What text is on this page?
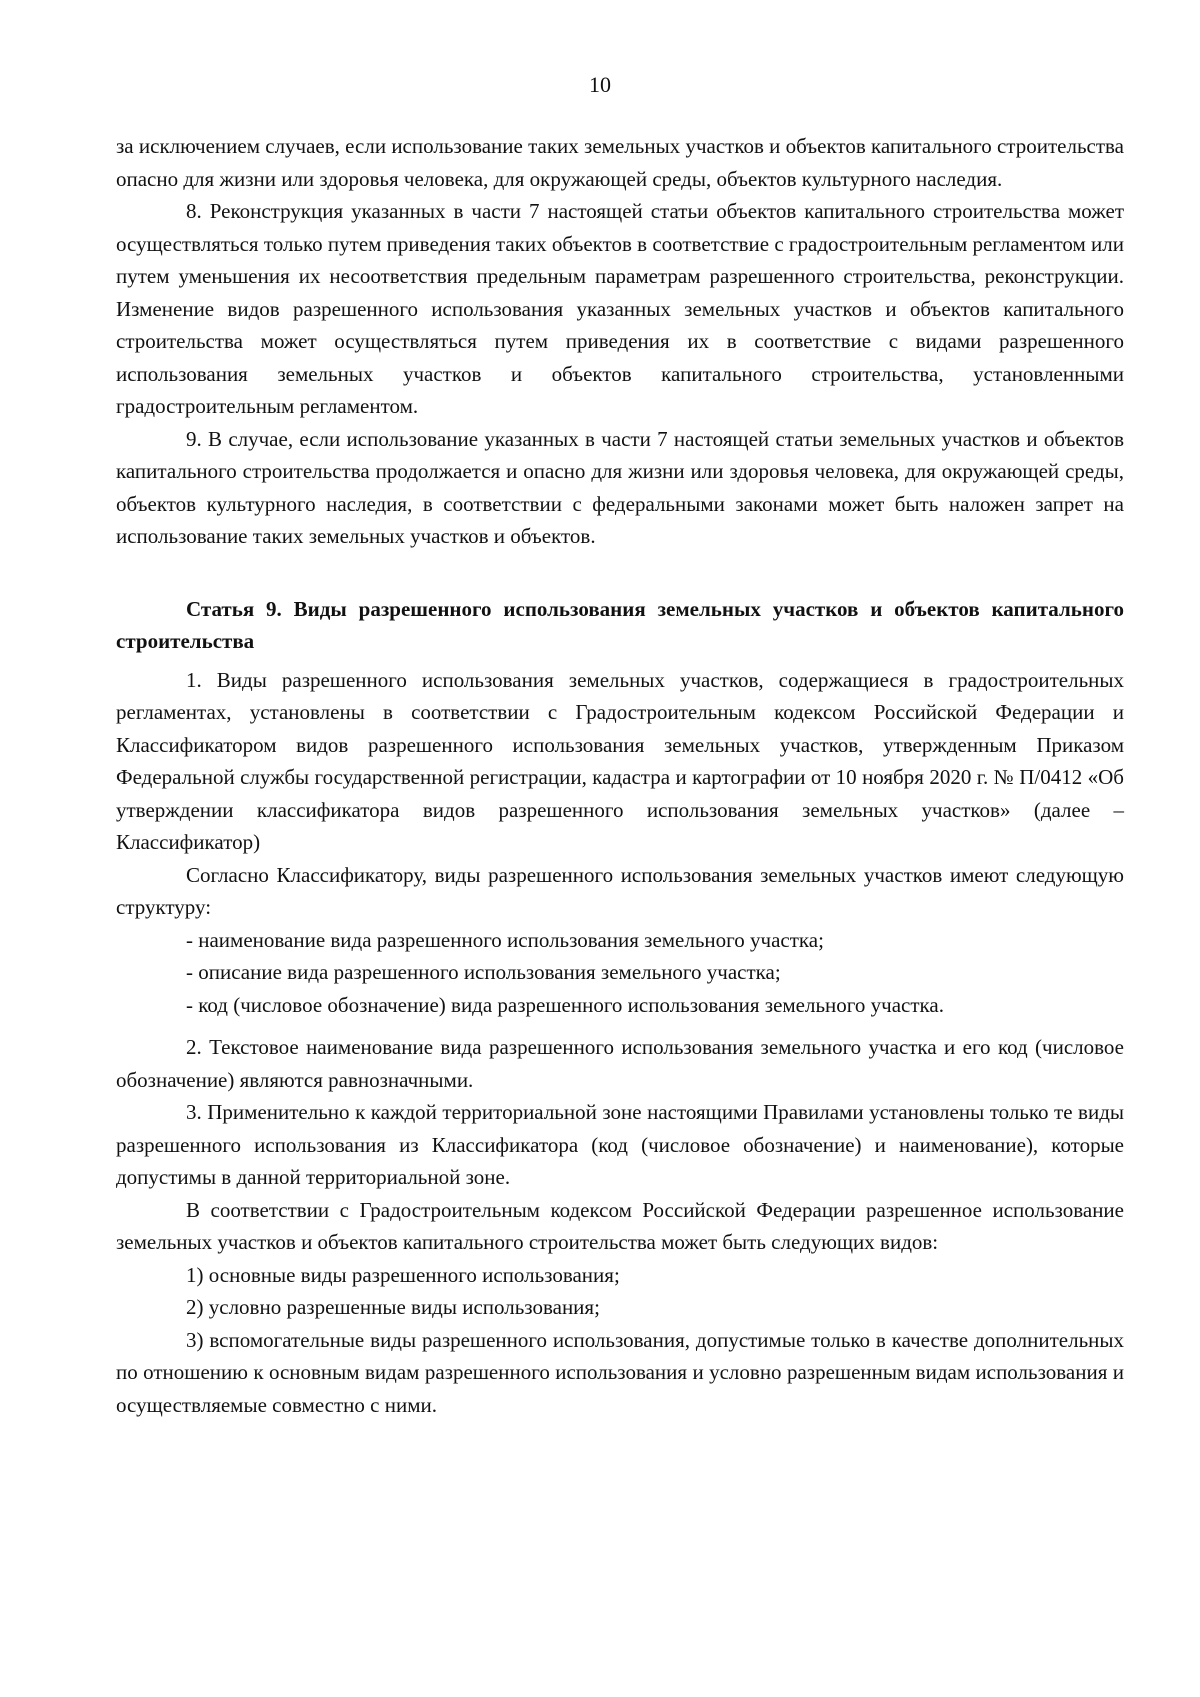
10

за исключением случаев, если использование таких земельных участков и объектов капитального строительства опасно для жизни или здоровья человека, для окружающей среды, объектов культурного наследия.

8. Реконструкция указанных в части 7 настоящей статьи объектов капитального строительства может осуществляться только путем приведения таких объектов в соответствие с градостроительным регламентом или путем уменьшения их несоответствия предельным параметрам разрешенного строительства, реконструкции. Изменение видов разрешенного использования указанных земельных участков и объектов капитального строительства может осуществляться путем приведения их в соответствие с видами разрешенного использования земельных участков и объектов капитального строительства, установленными градостроительным регламентом.

9. В случае, если использование указанных в части 7 настоящей статьи земельных участков и объектов капитального строительства продолжается и опасно для жизни или здоровья человека, для окружающей среды, объектов культурного наследия, в соответствии с федеральными законами может быть наложен запрет на использование таких земельных участков и объектов.

Статья 9. Виды разрешенного использования земельных участков и объектов капитального строительства

1. Виды разрешенного использования земельных участков, содержащиеся в градостроительных регламентах, установлены в соответствии с Градостроительным кодексом Российской Федерации и Классификатором видов разрешенного использования земельных участков, утвержденным Приказом Федеральной службы государственной регистрации, кадастра и картографии от 10 ноября 2020 г. № П/0412 «Об утверждении классификатора видов разрешенного использования земельных участков» (далее – Классификатор)

Согласно Классификатору, виды разрешенного использования земельных участков имеют следующую структуру:

- наименование вида разрешенного использования земельного участка;

- описание вида разрешенного использования земельного участка;

- код (числовое обозначение) вида разрешенного использования земельного участка.

2. Текстовое наименование вида разрешенного использования земельного участка и его код (числовое обозначение) являются равнозначными.

3. Применительно к каждой территориальной зоне настоящими Правилами установлены только те виды разрешенного использования из Классификатора (код (числовое обозначение) и наименование), которые допустимы в данной территориальной зоне.

В соответствии с Градостроительным кодексом Российской Федерации разрешенное использование земельных участков и объектов капитального строительства может быть следующих видов:

1) основные виды разрешенного использования;

2) условно разрешенные виды использования;

3) вспомогательные виды разрешенного использования, допустимые только в качестве дополнительных по отношению к основным видам разрешенного использования и условно разрешенным видам использования и осуществляемые совместно с ними.
